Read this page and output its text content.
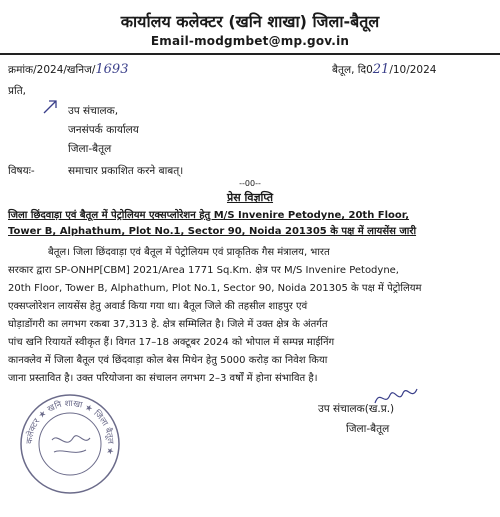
कार्यालय कलेक्टर (खनि शाखा) जिला-बैतूल
Email-modgmbet@mp.gov.in
क्रमांक/2024/खनिज/1693	बैतूल, दि021/10/2024
प्रति,
उप संचालक,
जनसंपर्क कार्यालय
जिला-बैतूल
विषयः-	समाचार प्रकाशित करने बाबत्।
--00--
प्रेस विज्ञप्ति
जिला छिंदवाड़ा एवं बैतूल में पेट्रोलियम एक्सप्लोरेशन हेतु M/S Invenire Petodyne, 20th Floor,
Tower B, Alphathum, Plot No.1, Sector 90, Noida 201305 के पक्ष में लायसेंस जारी
बैतूल। जिला छिंदवाड़ा एवं बैतूल में पेट्रोलियम एवं प्राकृतिक गैस मंत्रालय, भारत
सरकार द्वारा SP-ONHP[CBM] 2021/Area 1771 Sq.Km. क्षेत्र पर M/S Invenire Petodyne,
20th Floor, Tower B, Alphathum, Plot No.1, Sector 90, Noida 201305 के पक्ष में पेट्रोलियम
एक्सप्लोरेशन लायसेंस हेतु अवार्ड किया गया था। बैतूल जिले की तहसील शाहपुर एवं
घोड़ाडोंगरी का लगभग रकबा 37,313 हे. क्षेत्र सम्मिलित है। जिले में उक्त क्षेत्र के अंतर्गत
पांच खनि रियायतें स्वीकृत हैं। विगत 17–18 अक्टूबर 2024 को भोपाल में सम्पन्न माईनिंग
कानक्लेव में जिला बैतूल एवं छिंदवाड़ा कोल बेस मिथेन हेतु 5000 करोड़ का निवेश किया
जाना प्रस्तावित है। उक्त परियोजना का संचालन लगभग 2–3 वर्षों में होना संभावित है।
कलेक्टर ★ खनि शाखा ★ जिला बैतूल ★
उप संचालक(ख.प्र.)
जिला-बैतूल
